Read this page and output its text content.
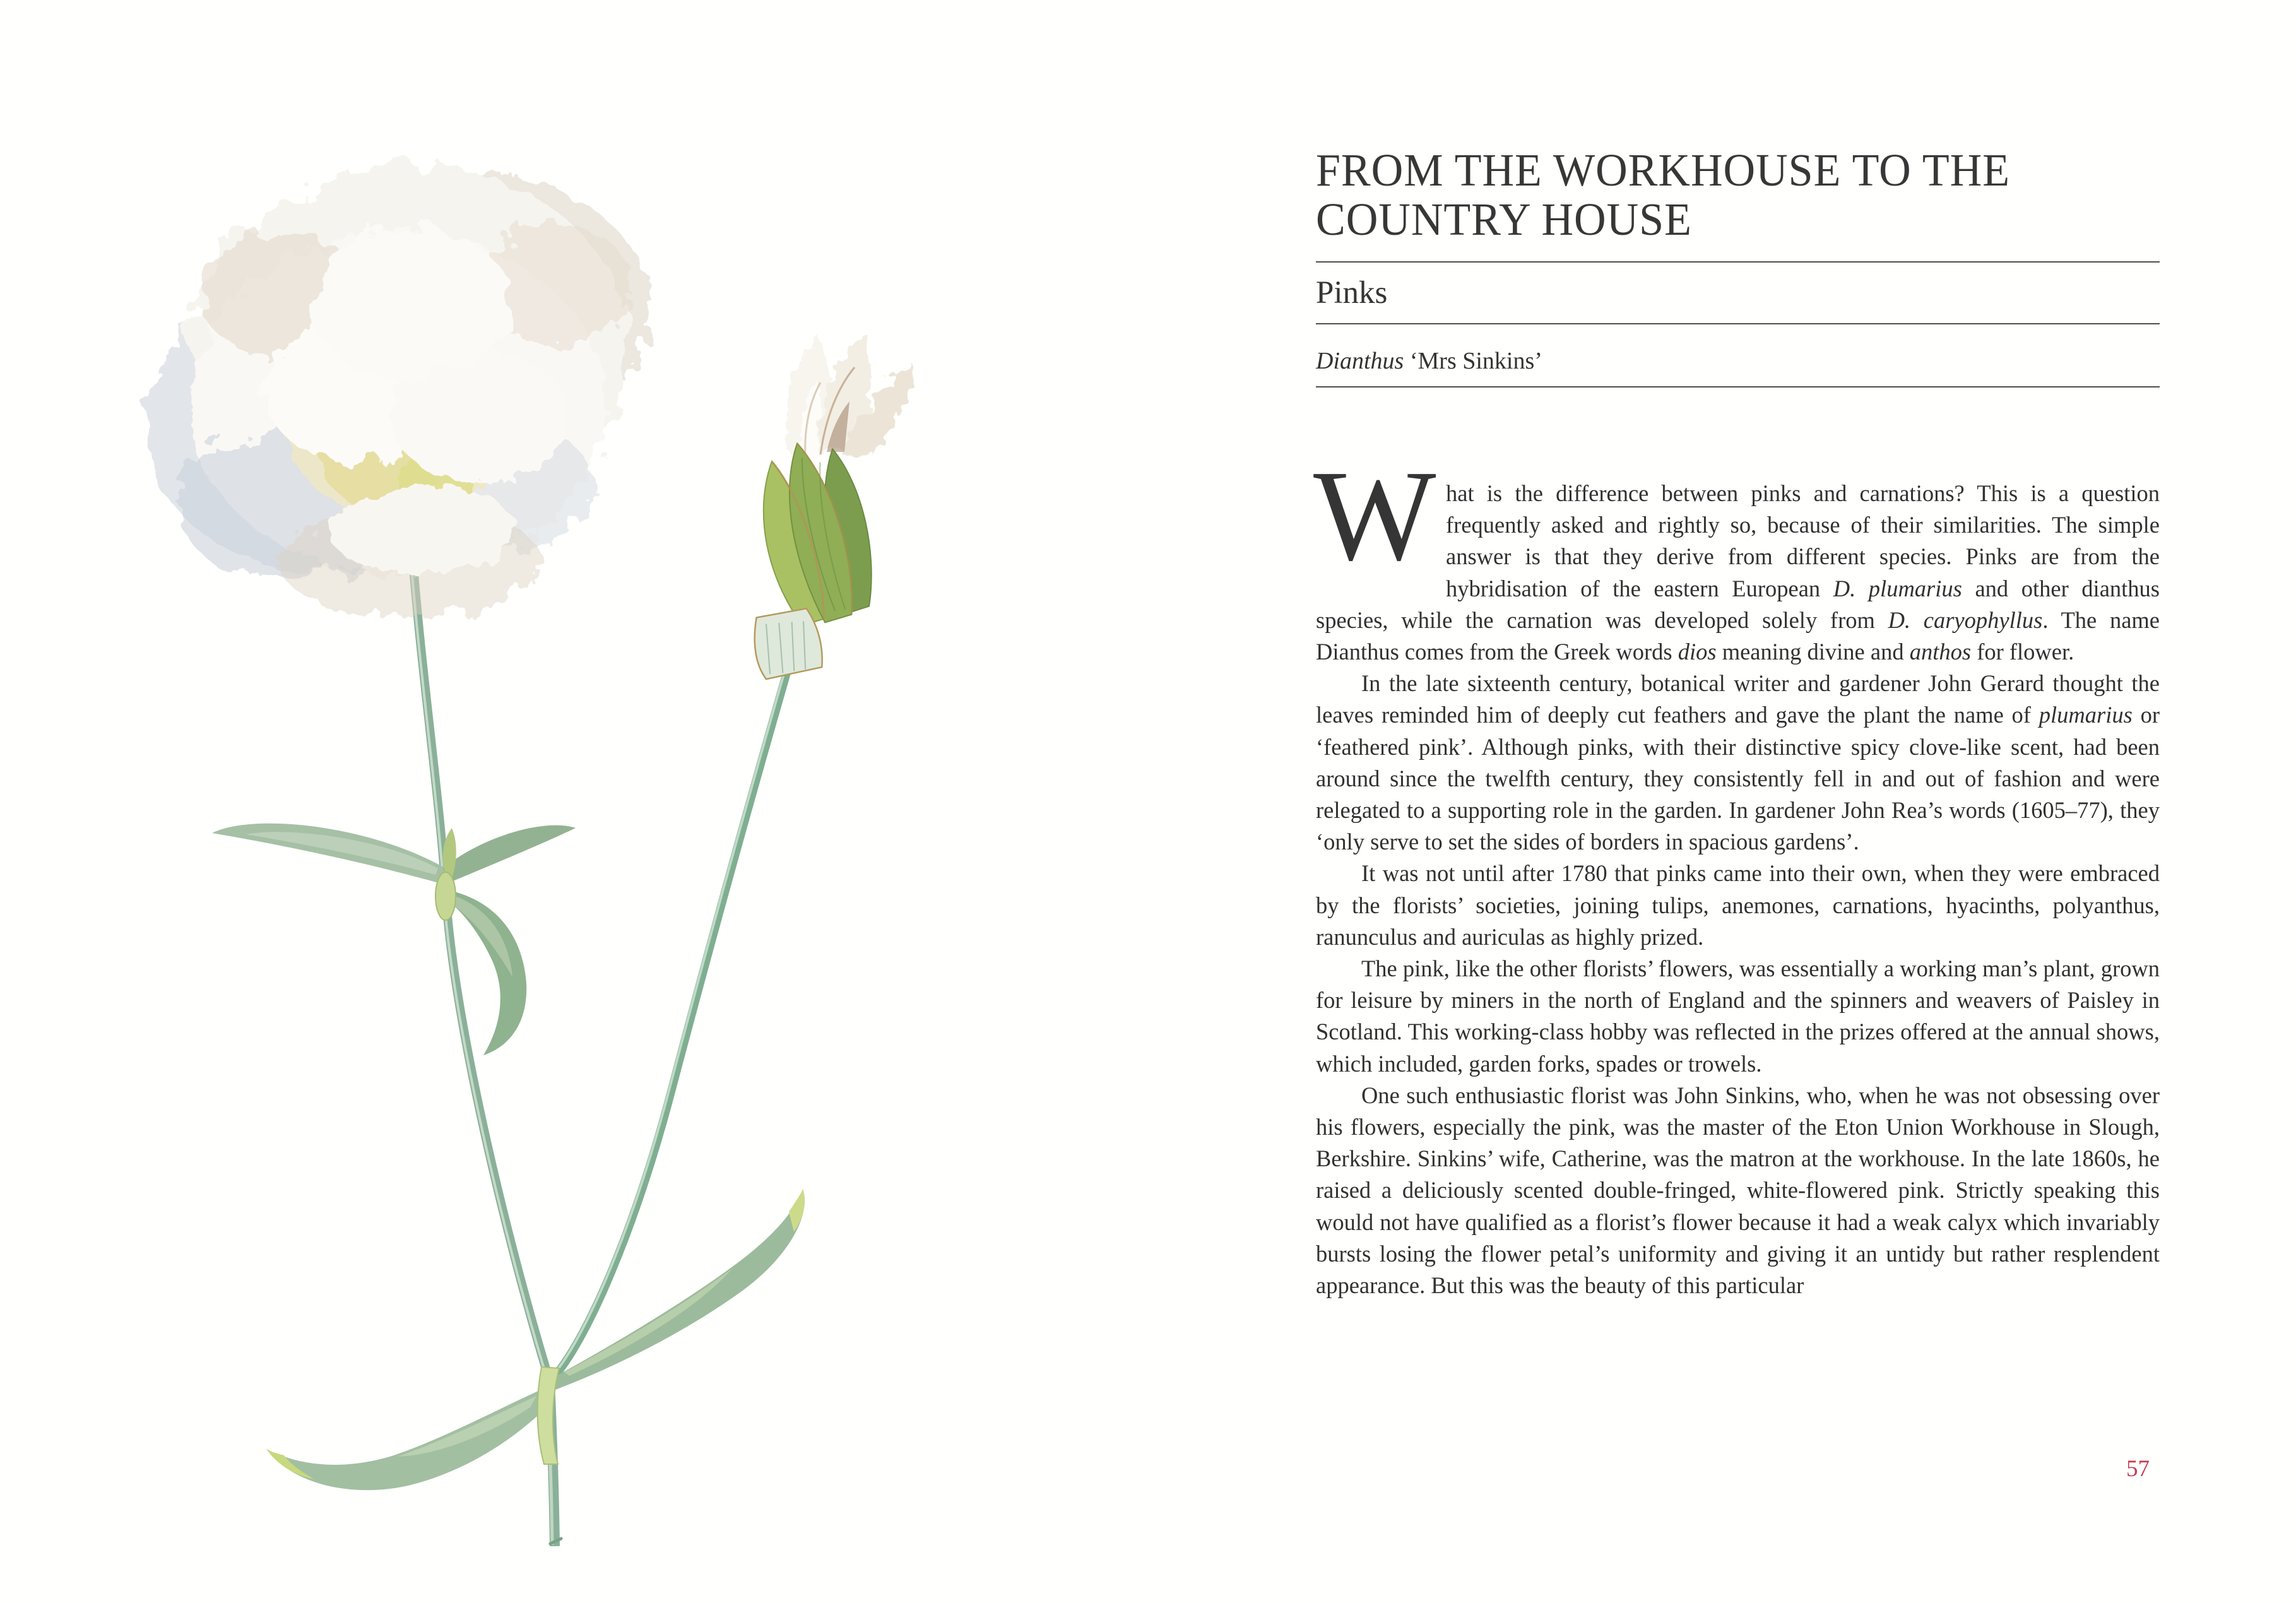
FROM THE WORKHOUSE TO THE
COUNTRY HOUSE
Pinks

Dianthus ‘Mrs Sinkins’

hat is the difference between pinks and carnations? This is a question frequently asked and rightly so, because of their similarities. The simple answer is that they derive from different species. Pinks are from the hybridisation of the eastern European D. plumarius and other dianthus species, while the carnation was developed solely from D. caryophyllus. The name Dianthus comes from the Greek words dios meaning divine and anthos for flower.

In the late sixteenth century, botanical writer and gardener John Gerard thought the leaves reminded him of deeply cut feathers and gave the plant the name of plumarius or ‘feathered pink’. Although pinks, with their distinctive spicy clove-like scent, had been around since the twelfth century, they consistently fell in and out of fashion and were relegated to a supporting role in the garden. In gardener John Rea’s words (1605–77), they ‘only serve to set the sides of borders in spacious gardens’.

It was not until after 1780 that pinks came into their own, when they were embraced by the florists’ societies, joining tulips, anemones, carnations, hyacinths, polyanthus, ranunculus and auriculas as highly prized.

The pink, like the other florists’ flowers, was essentially a working man’s plant, grown for leisure by miners in the north of England and the spinners and weavers of Paisley in Scotland. This working-class hobby was reflected in the prizes offered at the annual shows, which included, garden forks, spades or trowels.

One such enthusiastic florist was John Sinkins, who, when he was not obsessing over his flowers, especially the pink, was the master of the Eton Union Workhouse in Slough, Berkshire. Sinkins’ wife, Catherine, was the matron at the workhouse. In the late 1860s, he raised a deliciously scented double-fringed, white-flowered pink. Strictly speaking this would not have qualified as a florist’s flower because it had a weak calyx which invariably bursts losing the flower petal’s uniformity and giving it an untidy but rather resplendent appearance. But this was the beauty of this particular

57
W
